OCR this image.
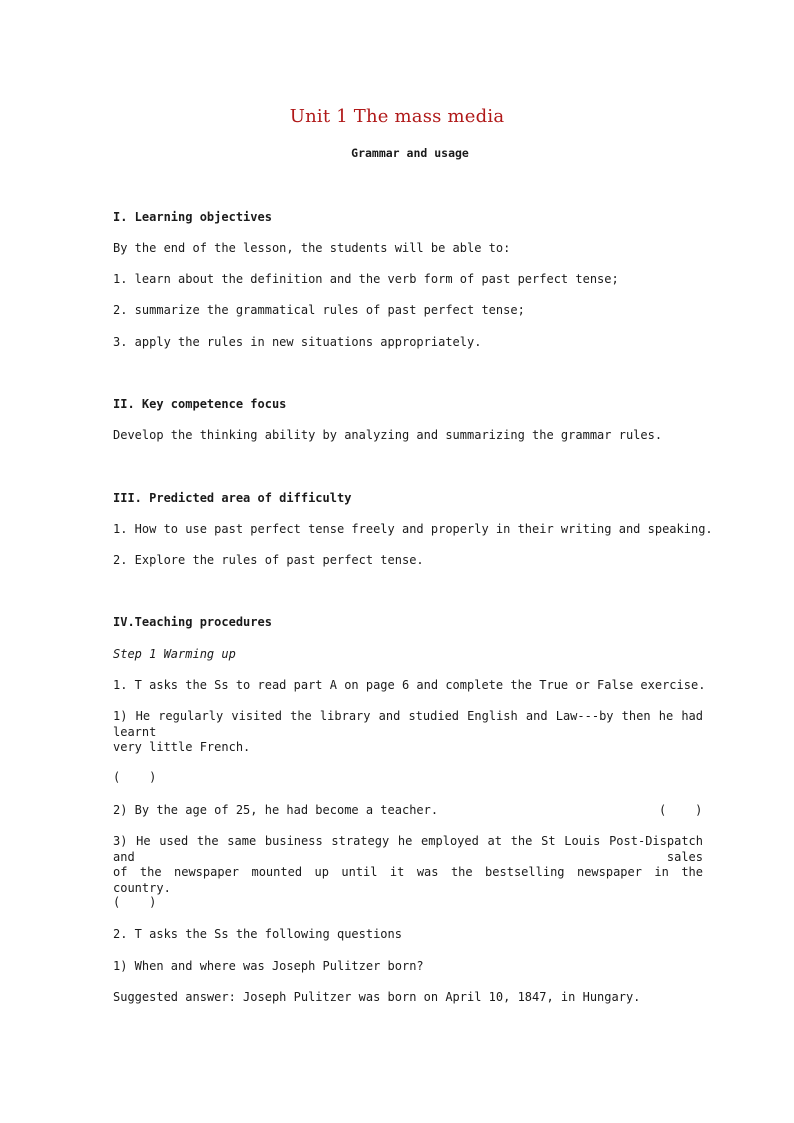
Unit 1 The mass media
Grammar and usage
I. Learning objectives
By the end of the lesson, the students will be able to:
1. learn about the definition and the verb form of past perfect tense;
2. summarize the grammatical rules of past perfect tense;
3. apply the rules in new situations appropriately.
II. Key competence focus
Develop the thinking ability by analyzing and summarizing the grammar rules.
III. Predicted area of difficulty
1. How to use past perfect tense freely and properly in their writing and speaking.
2. Explore the rules of past perfect tense.
IV.Teaching procedures
Step 1 Warming up
1. T asks the Ss to read part A on page 6 and complete the True or False exercise.
1) He regularly visited the library and studied English and Law---by then he had learnt
very little French.
(    )
2) By the age of 25, he had become a teacher.	(    )
3) He used the same business strategy he employed at the St Louis Post-Dispatch and sales
of the newspaper mounted up until it was the bestselling newspaper in the country.
(    )
2. T asks the Ss the following questions
1) When and where was Joseph Pulitzer born?
Suggested answer: Joseph Pulitzer was born on April 10, 1847, in Hungary.
